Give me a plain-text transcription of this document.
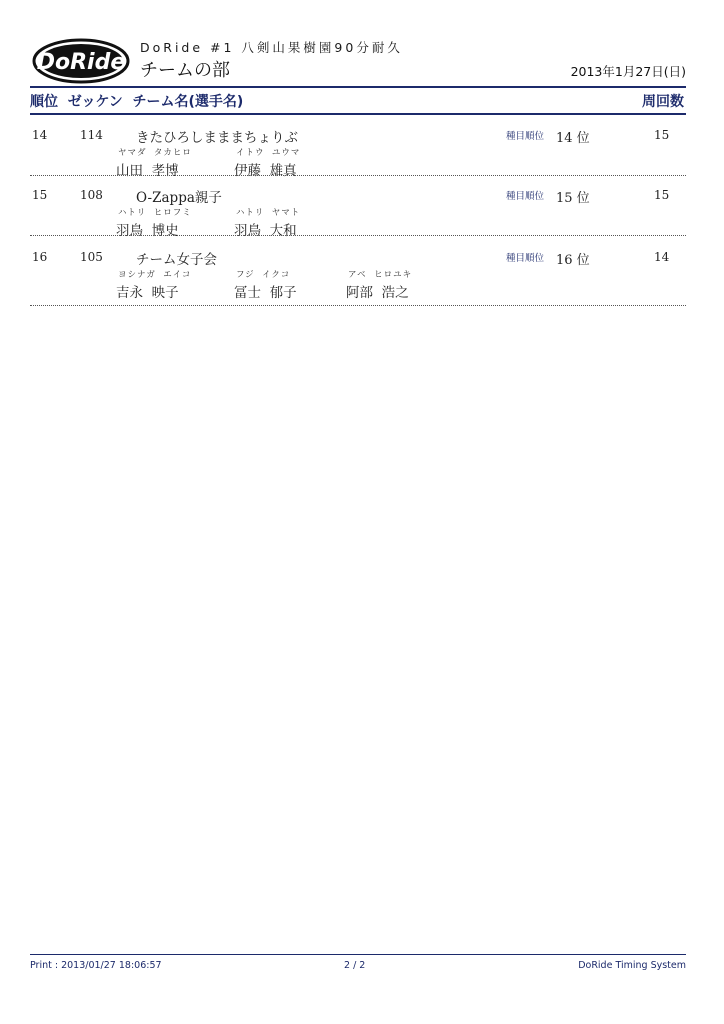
DoRide
DoRide #1 八剣山果樹園90分耐久
チームの部	2013年1月27日(日)
順位  ゼッケン  チーム名(選手名)	周回数
14	114 きたひろしまままちょりぶ	種目順位 14 位	15
ヤマダ  タカヒロ
山田  孝博
イトウ  ユウマ
伊藤  雄真
15	108 O-Zappa親子	種目順位 15 位	15
ハトリ  ヒロフミ
羽鳥  博史
ハトリ  ヤマト
羽鳥  大和
16	105 チーム女子会	種目順位 16 位	14
ヨシナガ  エイコ
吉永  映子
フジ  イクコ
冨士  郁子
アベ  ヒロユキ
阿部  浩之
Print : 2013/01/27 18:06:57	2 / 2	DoRide Timing System
